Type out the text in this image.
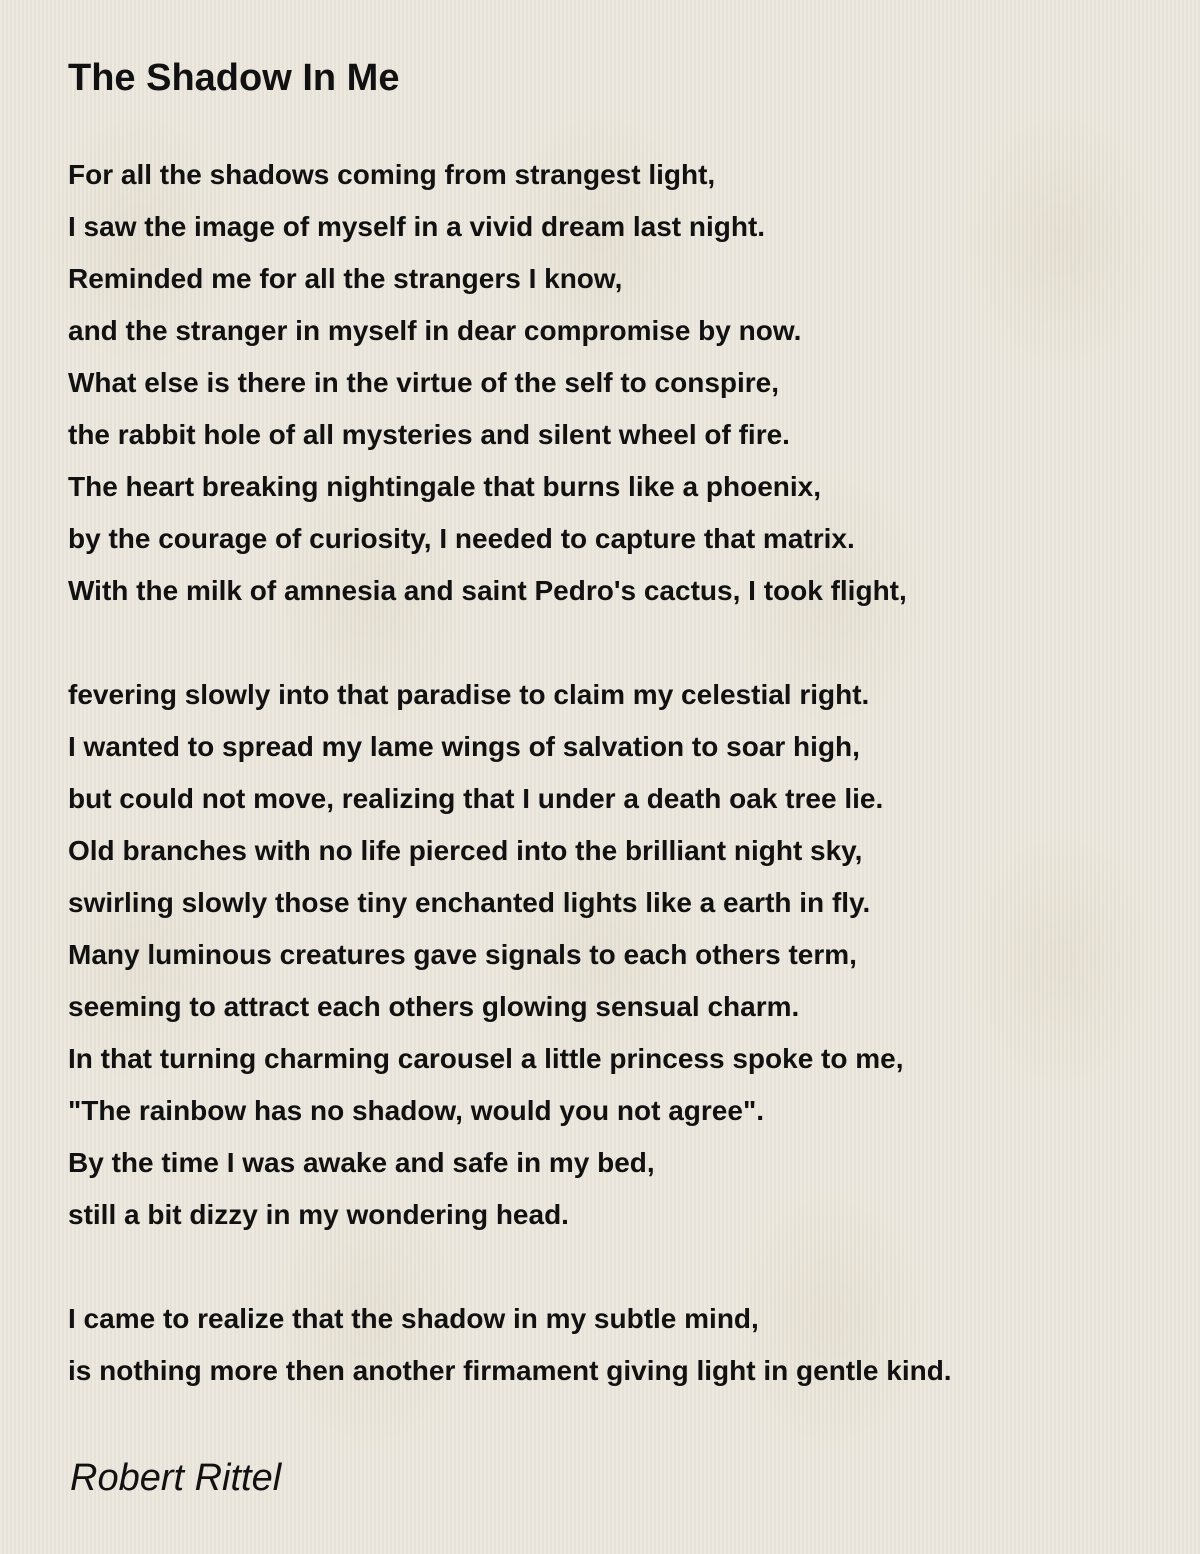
The Shadow In Me
For all the shadows coming from strangest light,
I saw the image of myself in a vivid dream last night.
Reminded me for all the strangers I know,
and the stranger in myself in dear compromise by now.
What else is there in the virtue of the self to conspire,
the rabbit hole of all mysteries and silent wheel of fire.
The heart breaking nightingale that burns like a phoenix,
by the courage of curiosity, I needed to capture that matrix.
With the milk of amnesia and saint Pedro's cactus, I took flight,
fevering slowly into that paradise to claim my celestial right.
I wanted to spread my lame wings of salvation to soar high,
but could not move, realizing that I under a death oak tree lie.
Old branches with no life pierced into the brilliant night sky,
swirling slowly those tiny enchanted lights like a earth in fly.
Many luminous creatures gave signals to each others term,
seeming to attract each others glowing sensual charm.
In that turning charming carousel a little princess spoke to me,
"The rainbow has no shadow, would you not agree".
By the time I was awake and safe in my bed,
still a bit dizzy in my wondering head.
I came to realize that the shadow in my subtle mind,
is nothing more then another firmament giving light in gentle kind.
Robert Rittel
